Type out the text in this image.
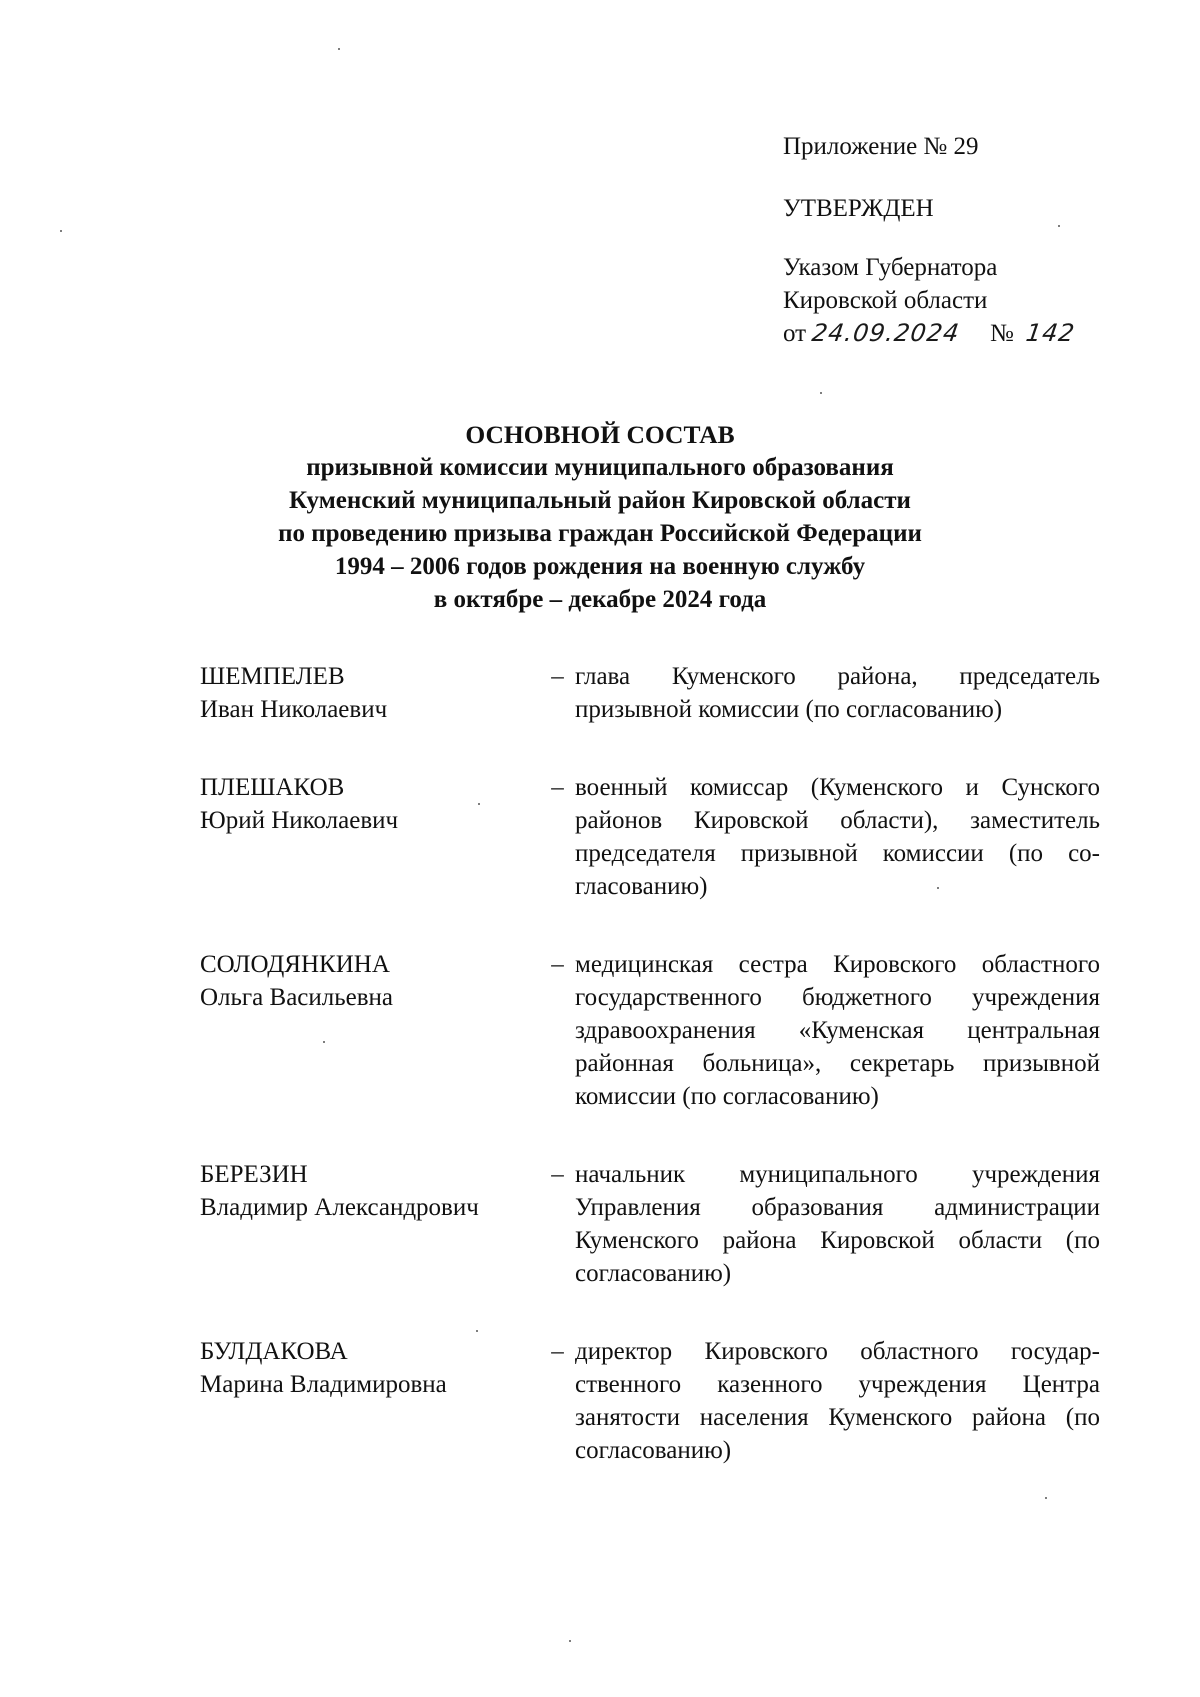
Приложение № 29
УТВЕРЖДЕН
Указом Губернатора
Кировской области
от 24.09.2024 № 142
ОСНОВНОЙ СОСТАВ
призывной комиссии муниципального образования
Куменский муниципальный район Кировской области
по проведению призыва граждан Российской Федерации
1994 – 2006 годов рождения на военную службу
в октябре – декабре 2024 года
ШЕМПЕЛЕВ
Иван Николаевич
– глава Куменского района, председатель призывной комиссии (по согласованию)
ПЛЕШАКОВ
Юрий Николаевич
– военный комиссар (Куменского и Сунского районов Кировской области), заместитель председателя призывной комиссии (по со-гласованию)
СОЛОДЯНКИНА
Ольга Васильевна
– медицинская сестра Кировского областного государственного бюджетного учреждения здравоохранения «Куменская центральная районная больница», секретарь призывной комиссии (по согласованию)
БЕРЕЗИН
Владимир Александрович
– начальник муниципального учреждения Управления образования администрации Куменского района Кировской области (по согласованию)
БУЛДАКОВА
Марина Владимировна
– директор Кировского областного государ-ственного казенного учреждения Центра занятости населения Куменского района (по согласованию)
